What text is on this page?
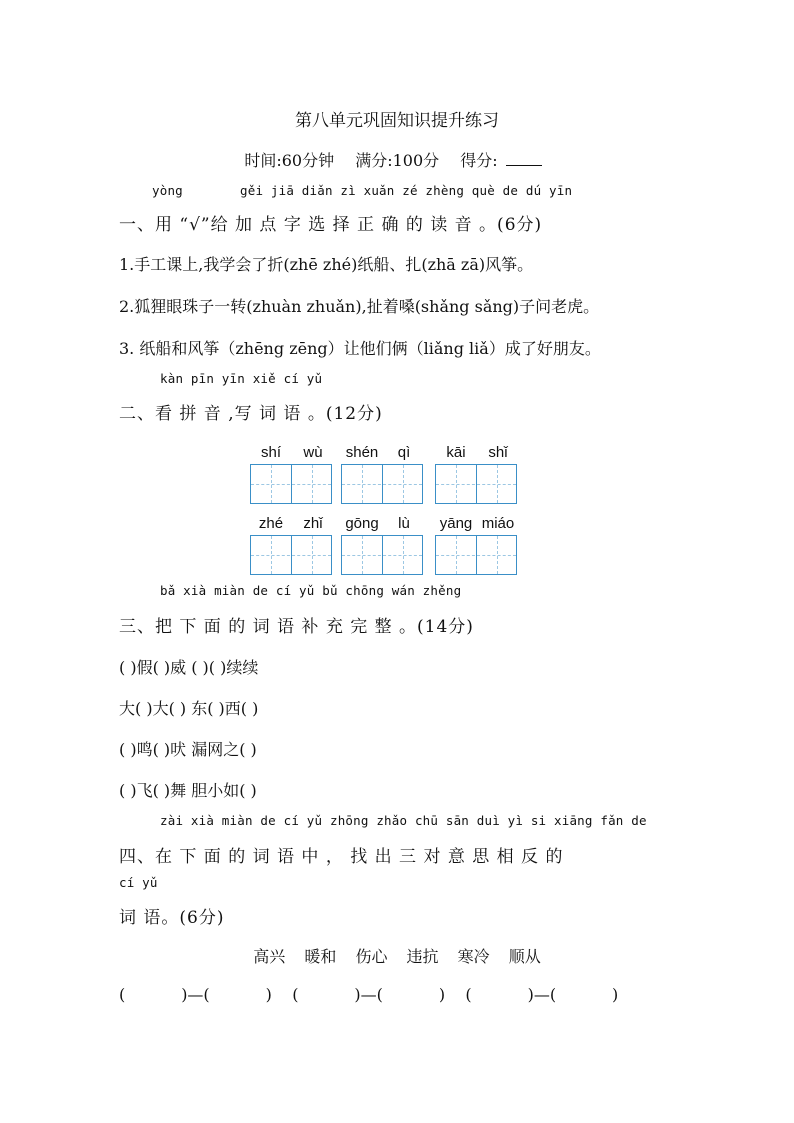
第八单元巩固知识提升练习
时间:60分钟 满分:100分 得分:
yòng	gěi jiā diǎn zì xuǎn zé zhèng què de dú yīn
一、用 “√”给 加 点 字 选 择 正 确 的 读 音 。(6分)
1.手工课上,我学会了折(zhē zhé)纸船、扎(zhā zā)风筝。
2.狐狸眼珠子一转(zhuàn zhuǎn),扯着嗓(shǎng sǎng)子问老虎。
3. 纸船和风筝（zhēng zēng）让他们俩（liǎng liǎ）成了好朋友。
kàn pīn yīn xiě cí yǔ
二、看 拼 音 ,写 词 语 。(12分)
shí	wù	shén	qì	kāi	shǐ
zhé	zhǐ	gōng	lù	yāng miáo
bǎ xià miàn de cí yǔ bǔ chōng wán zhěng
三、把 下 面 的 词 语 补 充 完 整 。(14分)
( )假( )威 ( )( )续续
大( )大( ) 东( )西( )
( )鸣( )吠 漏网之( )
( )飞( )舞 胆小如( )
zài xià miàn de cí yǔ zhōng zhǎo chū sān duì yì si xiāng fǎn de
四、在 下 面 的 词 语 中 ， 找 出 三 对 意 思 相 反 的
cí yǔ
词 语。(6分)
高兴 暖和 伤心 违抗 寒冷 顺从
(           )—(           )    (           )—(           )    (           )—(           )
